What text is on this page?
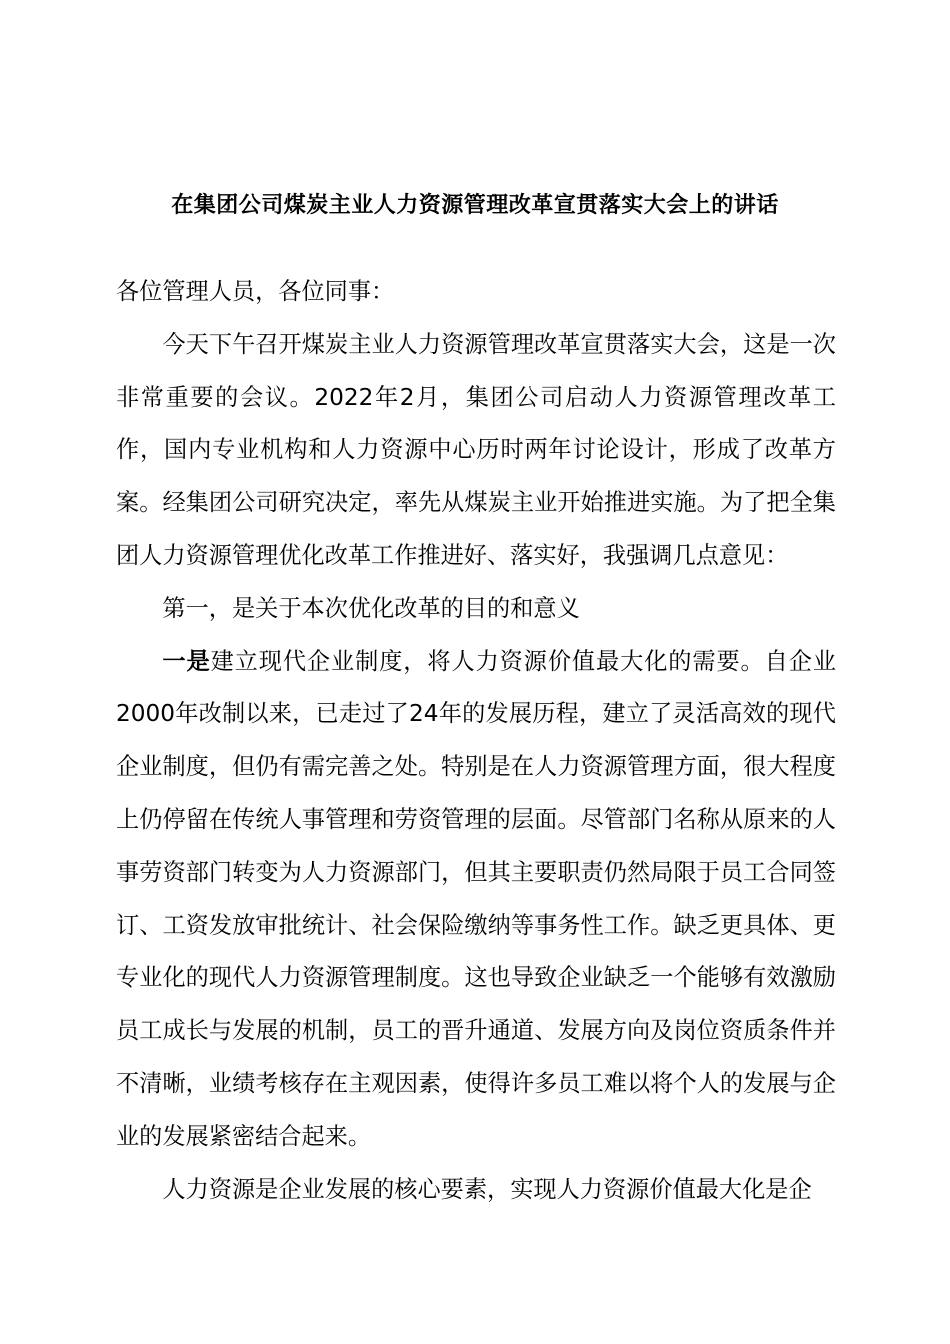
在集团公司煤炭主业人力资源管理改革宣贯落实大会上的讲话

各位管理人员，各位同事：

今天下午召开煤炭主业人力资源管理改革宣贯落实大会，这是一次非常重要的会议。2022年2月，集团公司启动人力资源管理改革工作，国内专业机构和人力资源中心历时两年讨论设计，形成了改革方案。经集团公司研究决定，率先从煤炭主业开始推进实施。为了把全集团人力资源管理优化改革工作推进好、落实好，我强调几点意见：

第一，是关于本次优化改革的目的和意义

一是建立现代企业制度，将人力资源价值最大化的需要。自企业2000年改制以来，已走过了24年的发展历程，建立了灵活高效的现代企业制度，但仍有需完善之处。特别是在人力资源管理方面，很大程度上仍停留在传统人事管理和劳资管理的层面。尽管部门名称从原来的人事劳资部门转变为人力资源部门，但其主要职责仍然局限于员工合同签订、工资发放审批统计、社会保险缴纳等事务性工作。缺乏更具体、更专业化的现代人力资源管理制度。这也导致企业缺乏一个能够有效激励员工成长与发展的机制，员工的晋升通道、发展方向及岗位资质条件并不清晰，业绩考核存在主观因素，使得许多员工难以将个人的发展与企业的发展紧密结合起来。

人力资源是企业发展的核心要素，实现人力资源价值最大化是企
